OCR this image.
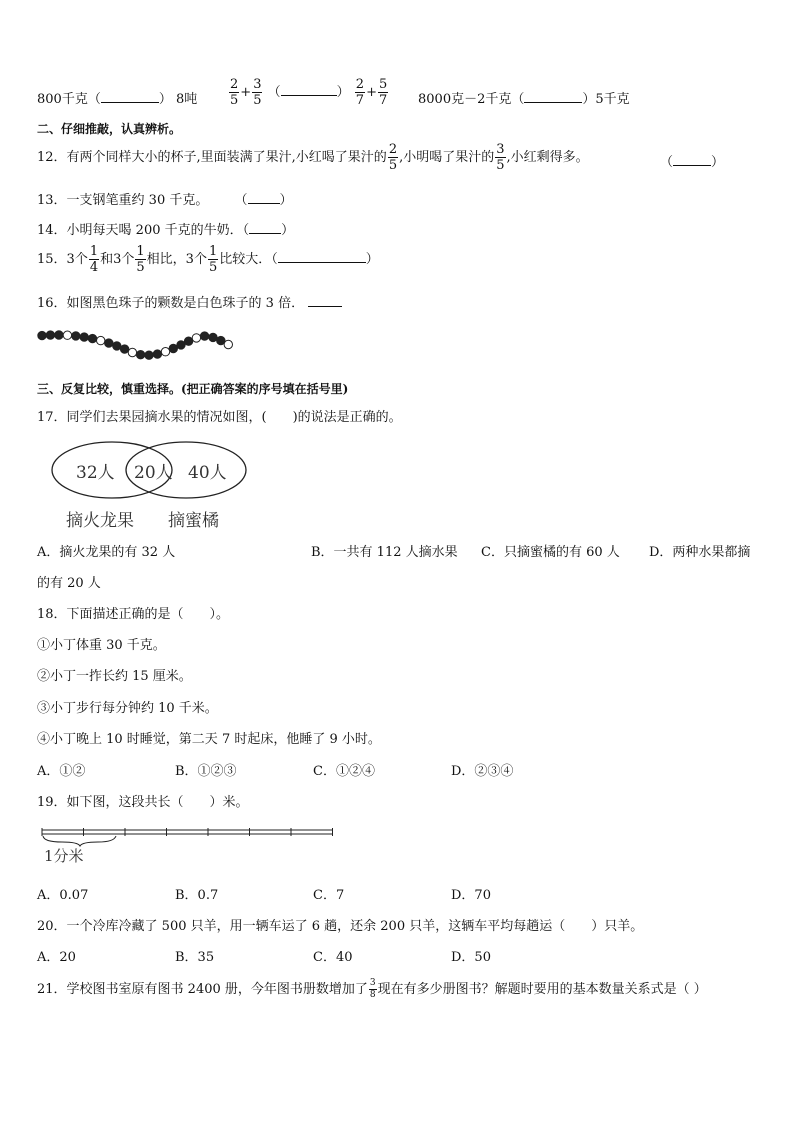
800千克（	） 8吨 $\frac{2}{5} + \frac{3}{5}$ （	） $\frac{2}{7} + \frac{5}{7} 8000$克－2千克（	）5千克
二、仔细推敲，认真辨析。
12．有两个同样大小的杯子,里面装满了果汁,小红喝了果汁的 $\frac{2}{5}$ ,小明喝了果汁的 $\frac{3}{5}$ ,小红剩得多。	（	）
13．一支钢笔重约 30 千克。 （ ）
14．小明每天喝 200 千克的牛奶．（ ）
15．3个 $\frac{1}{4}$ 和3个 $\frac{1}{5}$ 相比，3个 $\frac{1}{5}$ 比较大．（	）
16．如图黑色珠子的颗数是白色珠子的 3 倍．
三、反复比较，慎重选择。(把正确答案的序号填在括号里)
17．同学们去果园摘水果的情况如图，(　　)的说法是正确的。
32人 20人 40人
摘火龙果 摘蜜橘
A．摘火龙果的有 32 人	B．一共有 112 人摘水果 C．只摘蜜橘的有 60 人 D．两种水果都摘
的有 20 人
18．下面描述正确的是（　　）。
①小丁体重 30 千克。
②小丁一拃长约 15 厘米。
③小丁步行每分钟约 10 千米。
④小丁晚上 10 时睡觉，第二天 7 时起床，他睡了 9 小时。
A．①②	B．①②③	C．①②④	D．②③④
19．如下图，这段共长（　　）米。
1分米
A．0.07	B．0.7	C．7	D．70
20．一个冷库冷藏了 500 只羊，用一辆车运了 6 趟，还余 200 只羊，这辆车平均每趟运（　　）只羊。
A．20	B．35	C．40	D．50
21．学校图书室原有图书 2400 册，今年图书册数增加了 $\frac{3}{8}$ 现在有多少册图书？解题时要用的基本数量关系式是（ ）
